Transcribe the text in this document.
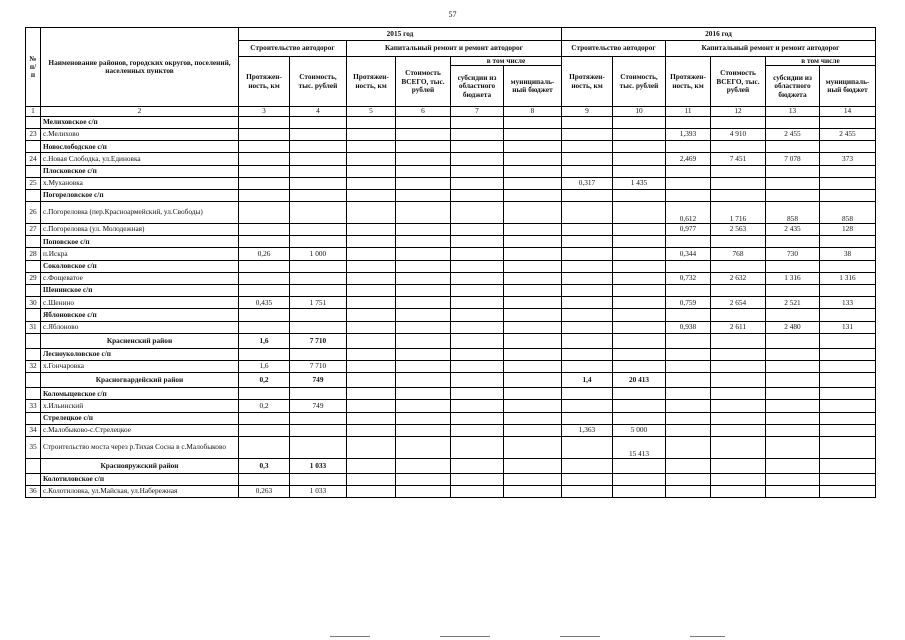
57
№ п/п	Наименование районов, городских округов, поселений, населенных пунктов	2015 год						2016 год					
		Строительство автодорог		Капитальный ремонт и ремонт автодорог				Строительство автодорог		Капитальный ремонт и ремонт автодорог			
		Протяжен-ность, км	Стоимость, тыс. рублей	Протяжен-ность, км	Стоимость ВСЕГО, тыс. рублей	в том числе		Протяжен-ность, км	Стоимость, тыс. рублей	Протяжен-ность, км	Стоимость ВСЕГО, тыс. рублей	в том числе	
						субсидии из областного бюджета	муниципаль-ный бюджет					субсидии из областного бюджета	муниципаль-ный бюджет
1	2	3	4	5	6	7	8	9	10	11	12	13	14
	Мелиховское с/п												
23	с.Мелихово									1,393	4 910	2 455	2 455
	Новослободское с/п												
24	с.Новая Слободка, ул.Единовка									2,469	7 451	7 078	373
	Плосковское с/п												
25	х.Мухановка							0,317	1 435				
	Погореловское с/п												
26	с.Погореловка (пер.Красноармейский, ул.Свободы)									0,612	1 716	858	858
27	с.Погореловка (ул. Молодежная)									0,977	2 563	2 435	128
	Поповское с/п												
28	п.Искра	0,26	1 000							0,344	768	730	38
	Соколовское с/п												
29	с.Фощеватое									0,732	2 632	1 316	1 316
	Шенинское с/п												
30	с.Шенино	0,435	1 751							0,759	2 654	2 521	133
	Яблоновское с/п												
31	с.Яблоново									0,938	2 611	2 480	131
	Красненский район	1,6	7 710										
	Лесноуколовское с/п												
32	х.Гончаровка	1,6	7 710										
	Красногвардейский район	0,2	749					1,4	20 413				
	Коломыцевское с/п												
33	х.Ильинский	0,2	749										
	Стрелецкое с/п												
34	с.Малобыково-с.Стрелецкое							1,363	5 000				
35	Строительство моста через р.Тихая Сосна в с.Малобыково								15 413				
	Краснояружский район	0,3	1 033										
	Колотиловское с/п												
36	с.Колотиловка, ул.Майская, ул.Набережная	0,263	1 033										
